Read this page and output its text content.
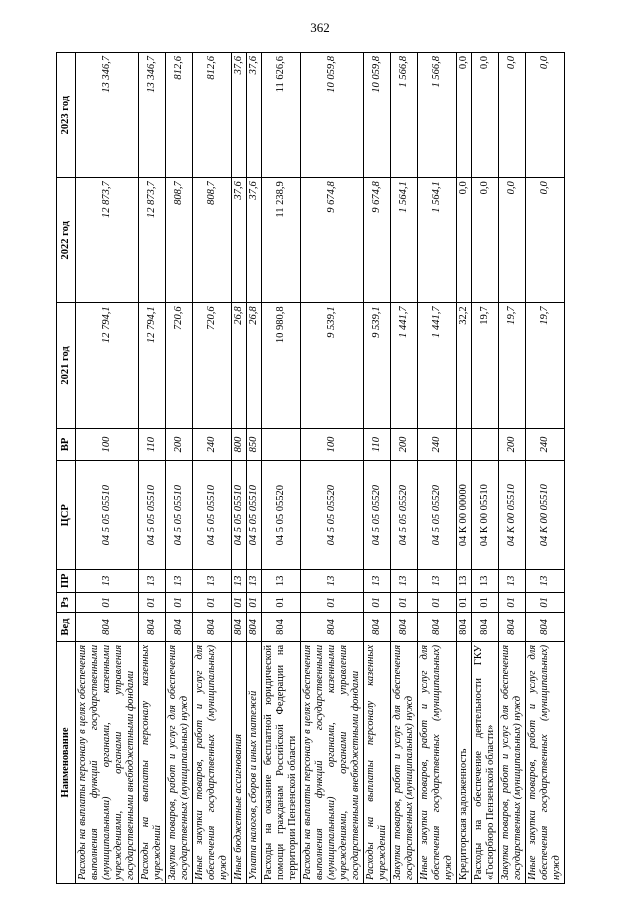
362
Наименование	Вед	Рз	ПР	ЦСР	ВР	2021 год	2022 год	2023 год
Расходы на выплаты персоналу в целях обеспечения выполнения функций государственными (муниципальными) органами, казенными учреждениями, органами управления государственными внебюджетными фондами	804	01	13	04 5 05 05510	100	12 794,1	12 873,7	13 346,7
Расходы на выплаты персоналу казенных учреждений	804	01	13	04 5 05 05510	110	12 794,1	12 873,7	13 346,7
Закупка товаров, работ и услуг для обеспечения государственных (муниципальных) нужд	804	01	13	04 5 05 05510	200	720,6	808,7	812,6
Иные закупки товаров, работ и услуг для обеспечения государственных (муниципальных) нужд	804	01	13	04 5 05 05510	240	720,6	808,7	812,6
Иные бюджетные ассигнования	804	01	13	04 5 05 05510	800	26,8	37,6	37,6
Уплата налогов, сборов и иных платежей	804	01	13	04 5 05 05510	850	26,8	37,6	37,6
Расходы на оказание бесплатной юридической помощи гражданам Российской Федерации на территории Пензенской области	804	01	13	04 5 05 05520		10 980,8	11 238,9	11 626,6
Расходы на выплаты персоналу в целях обеспечения выполнения функций государственными (муниципальными) органами, казенными учреждениями, органами управления государственными внебюджетными фондами	804	01	13	04 5 05 05520	100	9 539,1	9 674,8	10 059,8
Расходы на выплаты персоналу казенных учреждений	804	01	13	04 5 05 05520	110	9 539,1	9 674,8	10 059,8
Закупка товаров, работ и услуг для обеспечения государственных (муниципальных) нужд	804	01	13	04 5 05 05520	200	1 441,7	1 564,1	1 566,8
Иные закупки товаров, работ и услуг для обеспечения государственных (муниципальных) нужд	804	01	13	04 5 05 05520	240	1 441,7	1 564,1	1 566,8
Кредиторская задолженность	804	01	13	04 К 00 00000		32,2	0,0	0,0
Расходы на обеспечение деятельности ГКУ «Госюрбюро Пензенской области»	804	01	13	04 К 00 05510		19,7	0,0	0,0
Закупка товаров, работ и услуг для обеспечения государственных (муниципальных) нужд	804	01	13	04 К 00 05510	200	19,7	0,0	0,0
Иные закупки товаров, работ и услуг для обеспечения государственных (муниципальных) нужд	804	01	13	04 К 00 05510	240	19,7	0,0	0,0
